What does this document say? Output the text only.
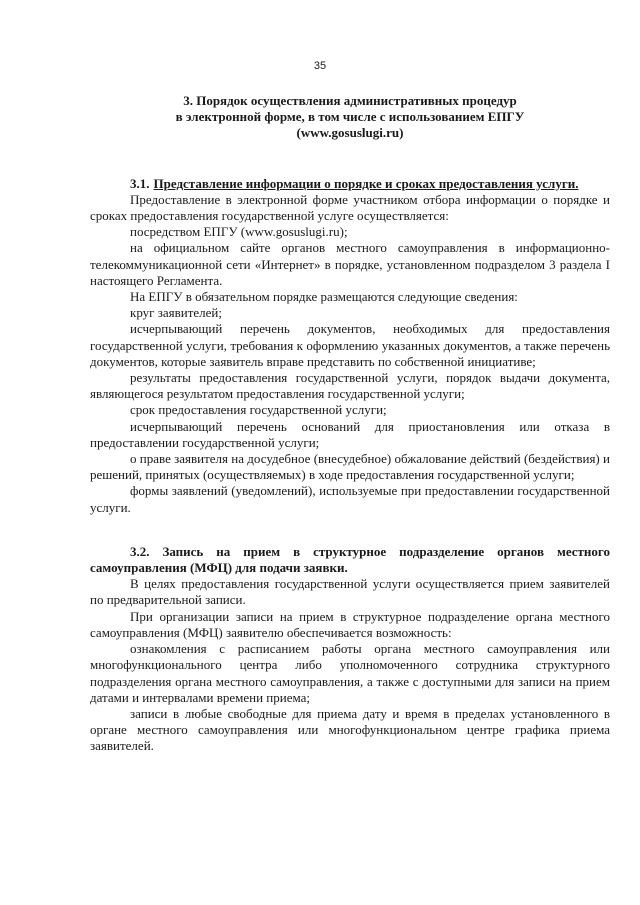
35
3. Порядок осуществления административных процедур
в электронной форме, в том числе с использованием ЕПГУ
(www.gosuslugi.ru)

3.1. Представление информации о порядке и сроках предоставления услуги.

Предоставление в электронной форме участником отбора информации о порядке и сроках предоставления государственной услуге осуществляется:

посредством ЕПГУ (www.gosuslugi.ru);

на официальном сайте органов местного самоуправления в информационно-телекоммуникационной сети «Интернет» в порядке, установленном подразделом 3 раздела I настоящего Регламента.

На ЕПГУ в обязательном порядке размещаются следующие сведения:

круг заявителей;

исчерпывающий перечень документов, необходимых для предоставления государственной услуги, требования к оформлению указанных документов, а также перечень документов, которые заявитель вправе представить по собственной инициативе;

результаты предоставления государственной услуги, порядок выдачи документа, являющегося результатом предоставления государственной услуги;

срок предоставления государственной услуги;

исчерпывающий перечень оснований для приостановления или отказа в предоставлении государственной услуги;

о праве заявителя на досудебное (внесудебное) обжалование действий (бездействия) и решений, принятых (осуществляемых) в ходе предоставления государственной услуги;

формы заявлений (уведомлений), используемые при предоставлении государственной услуги.

3.2. Запись на прием в структурное подразделение органов местного самоуправления (МФЦ) для подачи заявки.

В целях предоставления государственной услуги осуществляется прием заявителей по предварительной записи.

При организации записи на прием в структурное подразделение органа местного самоуправления (МФЦ) заявителю обеспечивается возможность:

ознакомления с расписанием работы органа местного самоуправления или многофункционального центра либо уполномоченного сотрудника структурного подразделения органа местного самоуправления, а также с доступными для записи на прием датами и интервалами времени приема;

записи в любые свободные для приема дату и время в пределах установленного в органе местного самоуправления или многофункциональном центре графика приема заявителей.
